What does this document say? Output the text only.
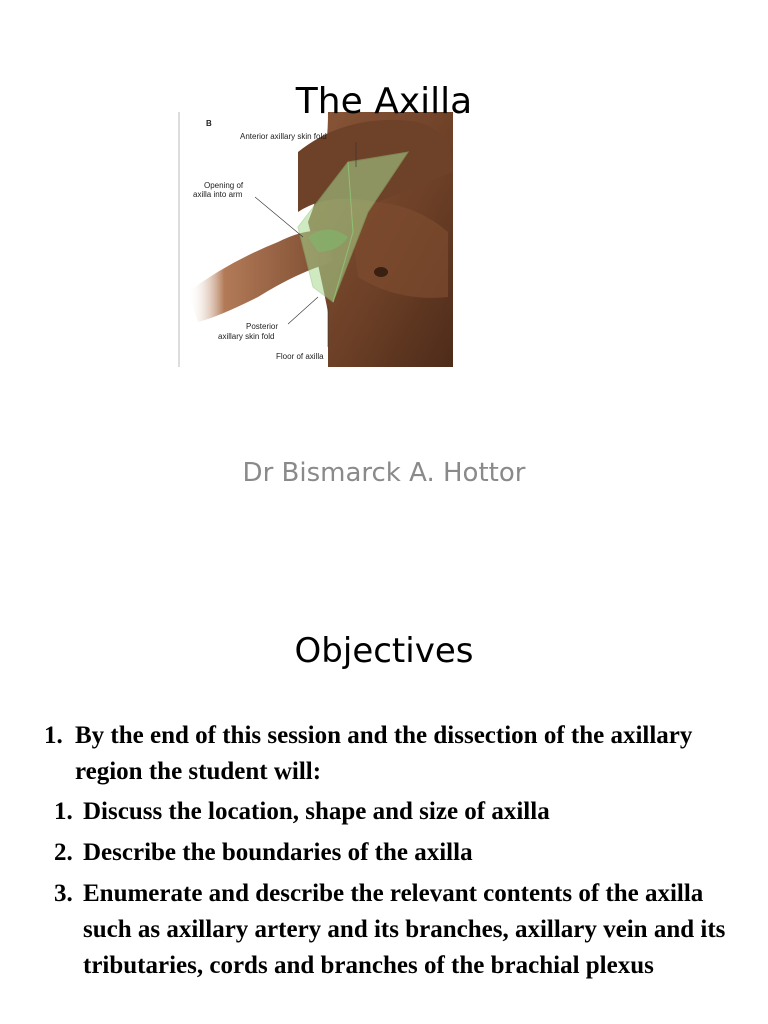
B
Anterior axillary skin fold
Opening of
axilla into arm
Posterior
axillary skin fold
Floor of axilla
The Axilla
Dr Bismarck A. Hottor
Objectives
1. By the end of this session and the dissection of the axillary region the student will:
1. Discuss the location, shape and size of axilla
2. Describe the boundaries of the axilla
3. Enumerate and describe the relevant contents of the axilla such as axillary artery and its branches, axillary vein and its tributaries, cords and branches of the brachial plexus
